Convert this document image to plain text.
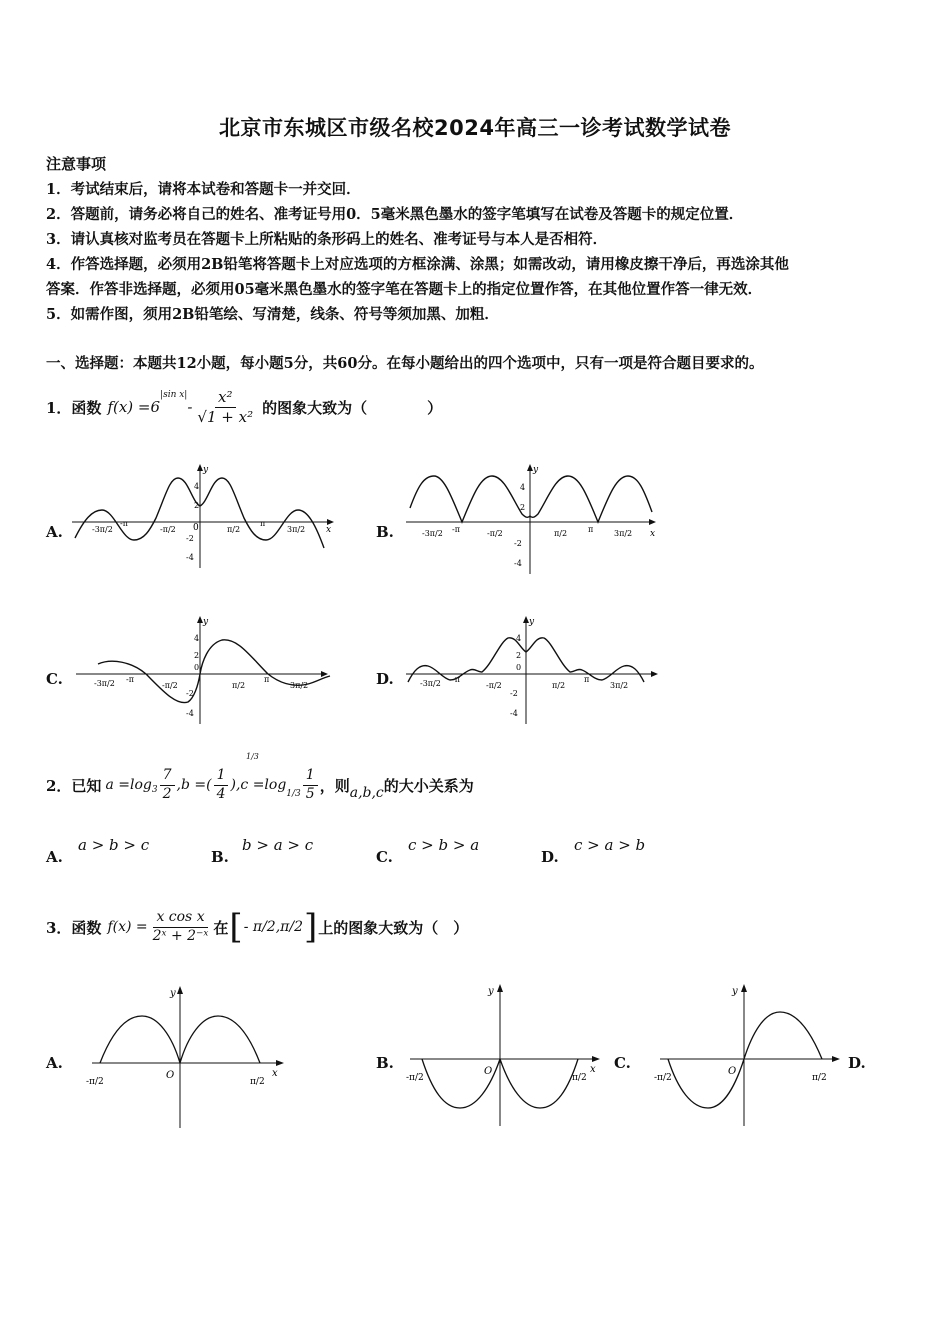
北京市东城区市级名校2024年高三一诊考试数学试卷
注意事项
1．考试结束后，请将本试卷和答题卡一并交回．
2．答题前，请务必将自己的姓名、准考证号用0．5毫米黑色墨水的签字笔填写在试卷及答题卡的规定位置．
3．请认真核对监考员在答题卡上所粘贴的条形码上的姓名、准考证号与本人是否相符．
4．作答选择题，必须用2B铅笔将答题卡上对应选项的方框涂满、涂黑；如需改动，请用橡皮擦干净后，再选涂其他
答案．作答非选择题，必须用05毫米黑色墨水的签字笔在答题卡上的指定位置作答，在其他位置作答一律无效．
5．如需作图，须用2B铅笔绘、写清楚，线条、符号等须加黑、加粗．
一、选择题：本题共12小题，每小题5分，共60分。在每小题给出的四个选项中，只有一项是符合题目要求的。
1．函数 f(x) =6
$^{|sin x|}$
- $\frac{\text{x²}}{\text{√1 + x²}}$ 的图象大致为（　　　　）
A.	B.
C.	D.
y
x
0
4
2
-2
-4
-3π/2
-π
-π/2	π/2
π
3π/2
y
x
4
2
-2
-4
-3π/2 -π	-π/2	π/2	π	3π/2
y
4
2
0
-2
-4
-3π/2 -π
-π/2	π/2
π
3π/2
y
4
2
0
-2
-4
-3π/2 -π
-π/2	π/2
π
3π/2
2．已知 $a =\log_3 \frac{7}{2} ,b$ =( $\frac{1}{4} ),c =\log$
$_{1/3} \frac{1}{5}$ ，则 a,b,c 的大小关系为
1/3
A.
a > b > c
B.
b > a > c
C.
c > b > a
D.
c > a > b
3．函数 $f(x) = \frac{\text{x cos x}}{\text{2ˣ + 2⁻ˣ}}$ 在 [ - π/2 , π/2 ] 上的图象大致为（　）
A.	B.	C.	D.
y
x
O
-π/2	π/2
y
x
O
-π/2	π/2
y
O
-π/2	π/2
